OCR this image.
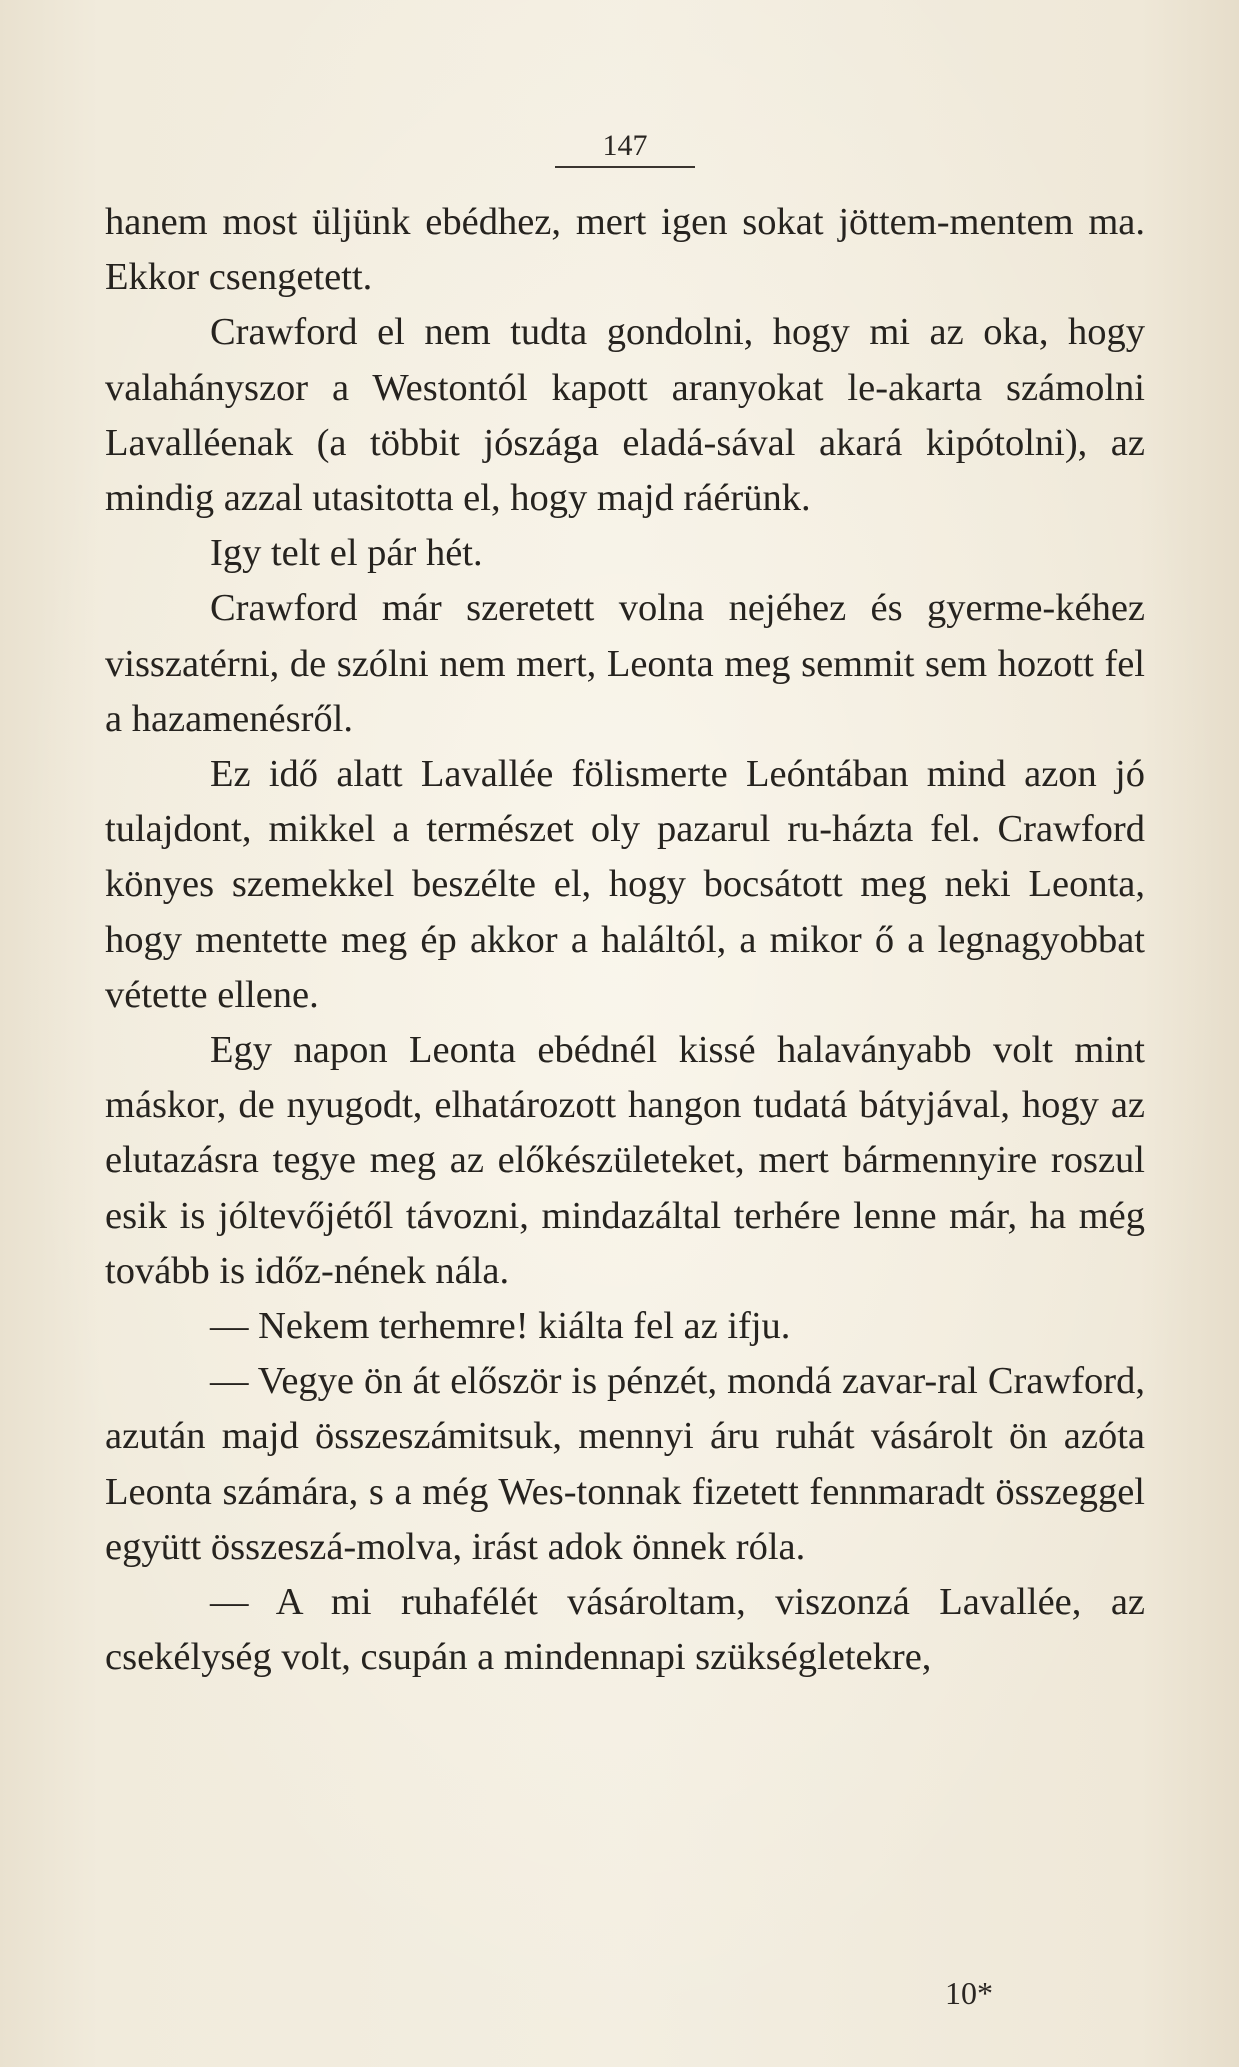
147

hanem most üljünk ebédhez, mert igen sokat jöttem-mentem ma. Ekkor csengetett.

Crawford el nem tudta gondolni, hogy mi az oka, hogy valahányszor a Westontól kapott aranyokat le-akarta számolni Lavalléenak (a többit jószága eladá-sával akará kipótolni), az mindig azzal utasitotta el, hogy majd ráérünk.

Igy telt el pár hét.

Crawford már szeretett volna nejéhez és gyerme-kéhez visszatérni, de szólni nem mert, Leonta meg semmit sem hozott fel a hazamenésről.

Ez idő alatt Lavallée fölismerte Leóntában mind azon jó tulajdont, mikkel a természet oly pazarul ru-házta fel. Crawford könyes szemekkel beszélte el, hogy bocsátott meg neki Leonta, hogy mentette meg ép akkor a haláltól, a mikor ő a legnagyobbat vétette ellene.

Egy napon Leonta ebédnél kissé halaványabb volt mint máskor, de nyugodt, elhatározott hangon tudatá bátyjával, hogy az elutazásra tegye meg az előkészületeket, mert bármennyire roszul esik is jóltevőjétől távozni, mindazáltal terhére lenne már, ha még tovább is időz-nének nála.

— Nekem terhemre! kiálta fel az ifju.

— Vegye ön át először is pénzét, mondá zavar-ral Crawford, azután majd összeszámitsuk, mennyi áru ruhát vásárolt ön azóta Leonta számára, s a még Wes-tonnak fizetett fennmaradt összeggel együtt összeszá-molva, irást adok önnek róla.

— A mi ruhafélét vásároltam, viszonzá Lavallée, az csekélység volt, csupán a mindennapi szükségletekre,

10*
